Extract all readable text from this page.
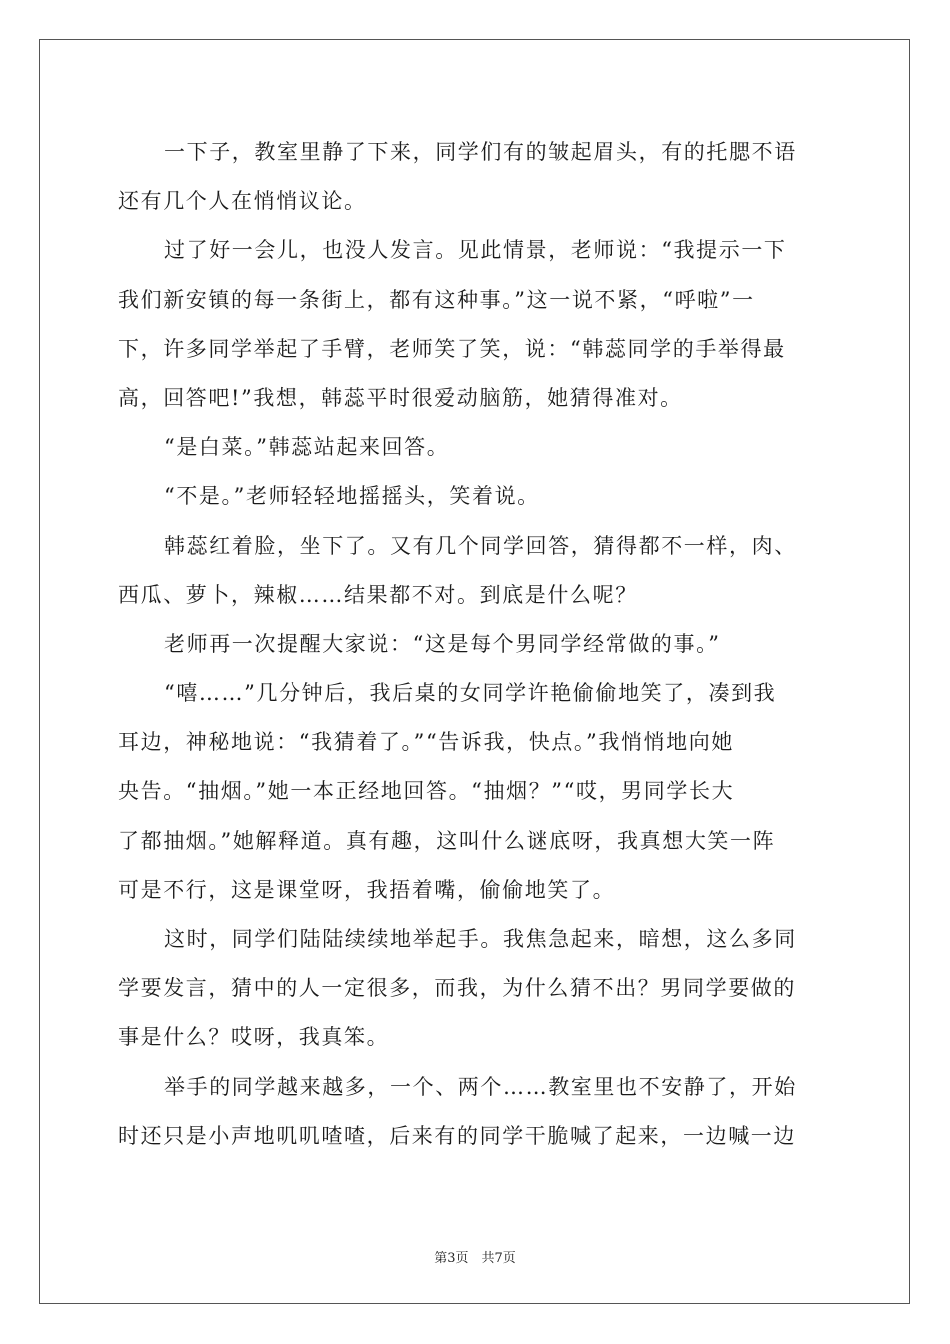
一下子，教室里静了下来，同学们有的皱起眉头，有的托腮不语
还有几个人在悄悄议论。
过了好一会儿，也没人发言。见此情景，老师说：“我提示一下
我们新安镇的每一条街上，都有这种事。”这一说不紧，“呼啦”一
下，许多同学举起了手臂，老师笑了笑，说：“韩蕊同学的手举得最
高，回答吧!”我想，韩蕊平时很爱动脑筋，她猜得准对。
“是白菜。”韩蕊站起来回答。
“不是。”老师轻轻地摇摇头，笑着说。
韩蕊红着脸，坐下了。又有几个同学回答，猜得都不一样，肉、
西瓜、萝卜，辣椒……结果都不对。到底是什么呢？
老师再一次提醒大家说：“这是每个男同学经常做的事。”
“嘻……”几分钟后，我后桌的女同学许艳偷偷地笑了，凑到我
耳边，神秘地说：“我猜着了。”“告诉我，快点。”我悄悄地向她
央告。“抽烟。”她一本正经地回答。“抽烟？”“哎，男同学长大
了都抽烟。”她解释道。真有趣，这叫什么谜底呀，我真想大笑一阵
可是不行，这是课堂呀，我捂着嘴，偷偷地笑了。
这时，同学们陆陆续续地举起手。我焦急起来，暗想，这么多同
学要发言，猜中的人一定很多，而我，为什么猜不出？男同学要做的
事是什么？哎呀，我真笨。
举手的同学越来越多，一个、两个……教室里也不安静了，开始
时还只是小声地叽叽喳喳，后来有的同学干脆喊了起来，一边喊一边
第3页　共7页
